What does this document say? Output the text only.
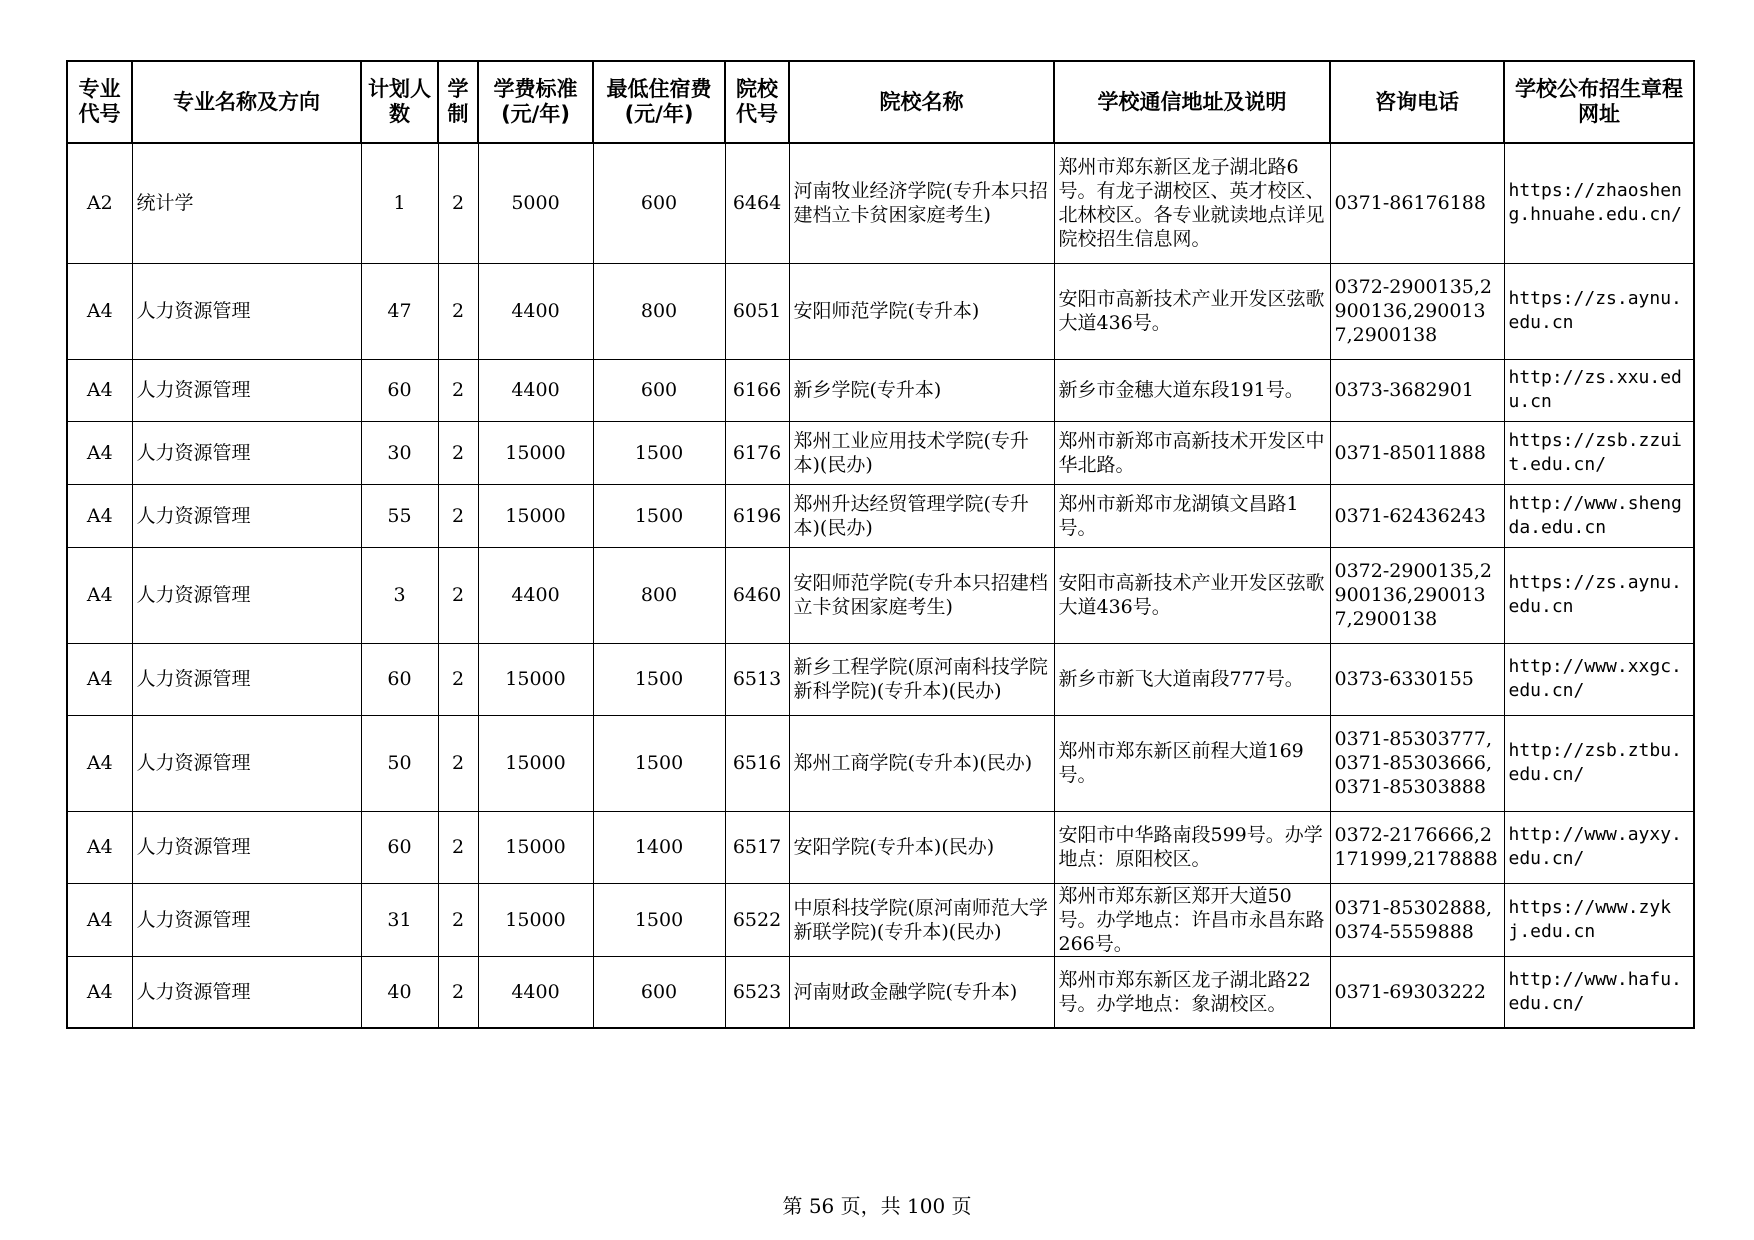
专业代号	专业名称及方向	计划人数	学制	学费标准(元/年)	最低住宿费(元/年)	院校代号	院校名称	学校通信地址及说明	咨询电话	学校公布招生章程网址
A2	统计学	1	2	5000	600	6464	河南牧业经济学院(专升本只招建档立卡贫困家庭考生)	郑州市郑东新区龙子湖北路6号。有龙子湖校区、英才校区、北林校区。各专业就读地点详见院校招生信息网。	0371-86176188	https://zhaosheng.hnuahe.edu.cn/
A4	人力资源管理	47	2	4400	800	6051	安阳师范学院(专升本)	安阳市高新技术产业开发区弦歌大道436号。	0372-2900135,2900136,2900137,2900138	https://zs.aynu.edu.cn
A4	人力资源管理	60	2	4400	600	6166	新乡学院(专升本)	新乡市金穗大道东段191号。	0373-3682901	http://zs.xxu.edu.cn
A4	人力资源管理	30	2	15000	1500	6176	郑州工业应用技术学院(专升本)(民办)	郑州市新郑市高新技术开发区中华北路。	0371-85011888	https://zsb.zzuit.edu.cn/
A4	人力资源管理	55	2	15000	1500	6196	郑州升达经贸管理学院(专升本)(民办)	郑州市新郑市龙湖镇文昌路1号。	0371-62436243	http://www.shengda.edu.cn
A4	人力资源管理	3	2	4400	800	6460	安阳师范学院(专升本只招建档立卡贫困家庭考生)	安阳市高新技术产业开发区弦歌大道436号。	0372-2900135,2900136,2900137,2900138	https://zs.aynu.edu.cn
A4	人力资源管理	60	2	15000	1500	6513	新乡工程学院(原河南科技学院新科学院)(专升本)(民办)	新乡市新飞大道南段777号。	0373-6330155	http://www.xxgc.edu.cn/
A4	人力资源管理	50	2	15000	1500	6516	郑州工商学院(专升本)(民办)	郑州市郑东新区前程大道169号。	0371-85303777,0371-85303666,0371-85303888	http://zsb.ztbu.edu.cn/
A4	人力资源管理	60	2	15000	1400	6517	安阳学院(专升本)(民办)	安阳市中华路南段599号。办学地点：原阳校区。	0372-2176666,2171999,2178888	http://www.ayxy.edu.cn/
A4	人力资源管理	31	2	15000	1500	6522	中原科技学院(原河南师范大学新联学院)(专升本)(民办)	郑州市郑东新区郑开大道50号。办学地点：许昌市永昌东路266号。	0371-85302888,0374-5559888	https://www.zykj.edu.cn
A4	人力资源管理	40	2	4400	600	6523	河南财政金融学院(专升本)	郑州市郑东新区龙子湖北路22号。办学地点：象湖校区。	0371-69303222	http://www.hafu.edu.cn/
第 56 页，共 100 页
